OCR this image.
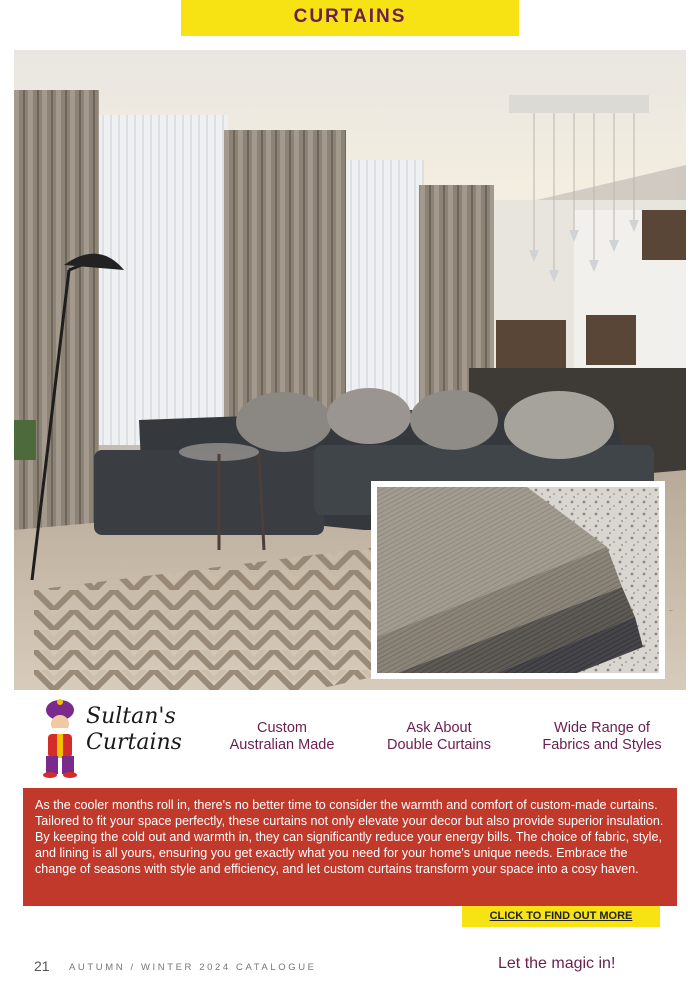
CURTAINS
Sultan's
Curtains
Custom
Australian Made
Ask About
Double Curtains
Wide Range of
Fabrics and Styles

As the cooler months roll in, there's no better time to consider the warmth and comfort of custom-made curtains. Tailored to fit your space perfectly, these curtains not only elevate your decor but also provide superior insulation. By keeping the cold out and warmth in, they can significantly reduce your energy bills. The choice of fabric, style, and lining is all yours, ensuring you get exactly what you need for your home's unique needs. Embrace the change of seasons with style and efficiency, and let custom curtains transform your space into a cosy haven.

CLICK TO FIND OUT MORE
21 AUTUMN / WINTER 2024 CATALOGUE	Let the magic in!
